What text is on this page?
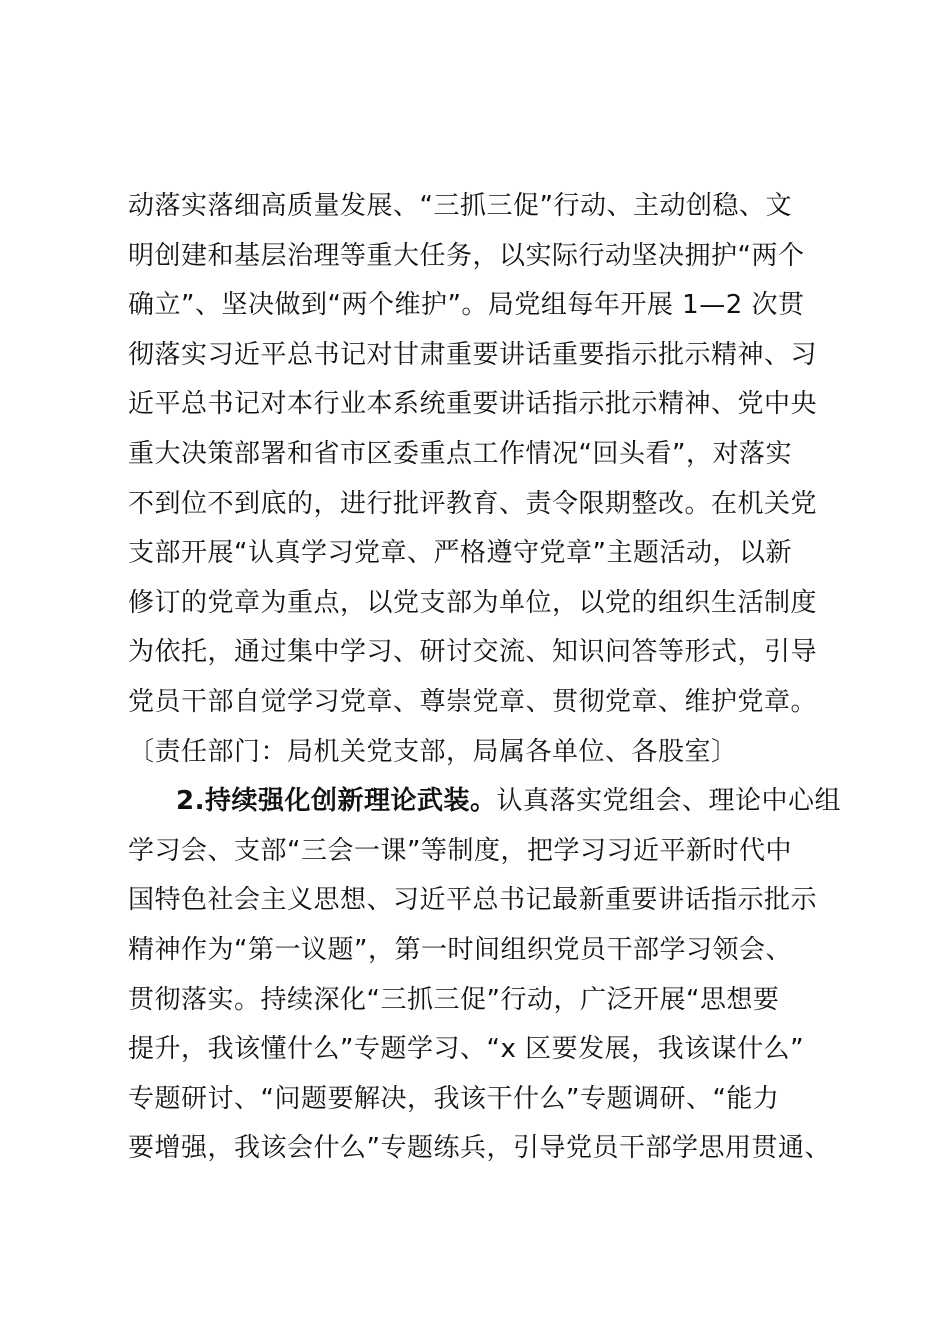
动落实落细高质量发展、“三抓三促”行动、主动创稳、文
明创建和基层治理等重大任务，以实际行动坚决拥护“两个
确立”、坚决做到“两个维护”。局党组每年开展 1—2 次贯
彻落实习近平总书记对甘肃重要讲话重要指示批示精神、习
近平总书记对本行业本系统重要讲话指示批示精神、党中央
重大决策部署和省市区委重点工作情况“回头看”，对落实
不到位不到底的，进行批评教育、责令限期整改。在机关党
支部开展“认真学习党章、严格遵守党章”主题活动，以新
修订的党章为重点，以党支部为单位，以党的组织生活制度
为依托，通过集中学习、研讨交流、知识问答等形式，引导
党员干部自觉学习党章、尊崇党章、贯彻党章、维护党章。
〔责任部门：局机关党支部，局属各单位、各股室〕
2.持续强化创新理论武装。认真落实党组会、理论中心组
学习会、支部“三会一课”等制度，把学习习近平新时代中
国特色社会主义思想、习近平总书记最新重要讲话指示批示
精神作为“第一议题”，第一时间组织党员干部学习领会、
贯彻落实。持续深化“三抓三促”行动，广泛开展“思想要
提升，我该懂什么”专题学习、“x 区要发展，我该谋什么”
专题研讨、“问题要解决，我该干什么”专题调研、“能力
要增强，我该会什么”专题练兵，引导党员干部学思用贯通、
